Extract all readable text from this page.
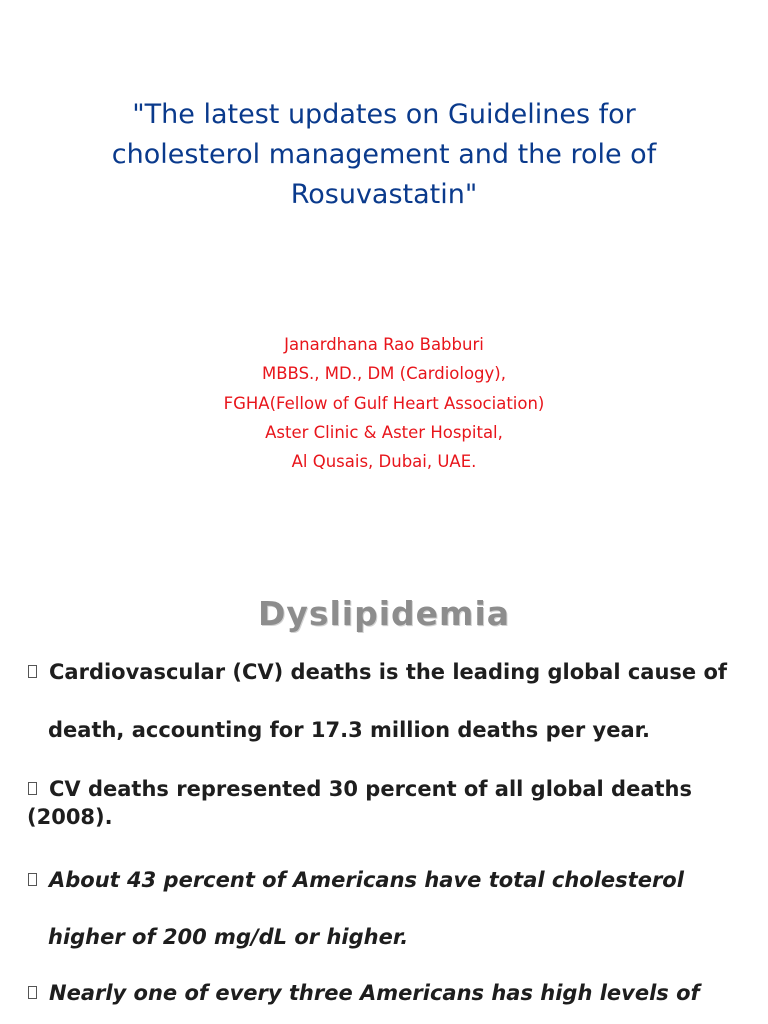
"The latest updates on Guidelines for
cholesterol management and the role of
Rosuvastatin"
Janardhana Rao Babburi
MBBS., MD., DM (Cardiology),
FGHA(Fellow of Gulf Heart Association)
Aster Clinic & Aster Hospital,
Al Qusais, Dubai, UAE.
Dyslipidemia
Cardiovascular (CV) deaths is the leading global cause of
death, accounting for 17.3 million deaths per year.
CV deaths represented 30 percent of all global deaths
(2008).
About 43 percent of Americans have total cholesterol
higher of 200 mg/dL or higher.
Nearly one of every three Americans has high levels of
